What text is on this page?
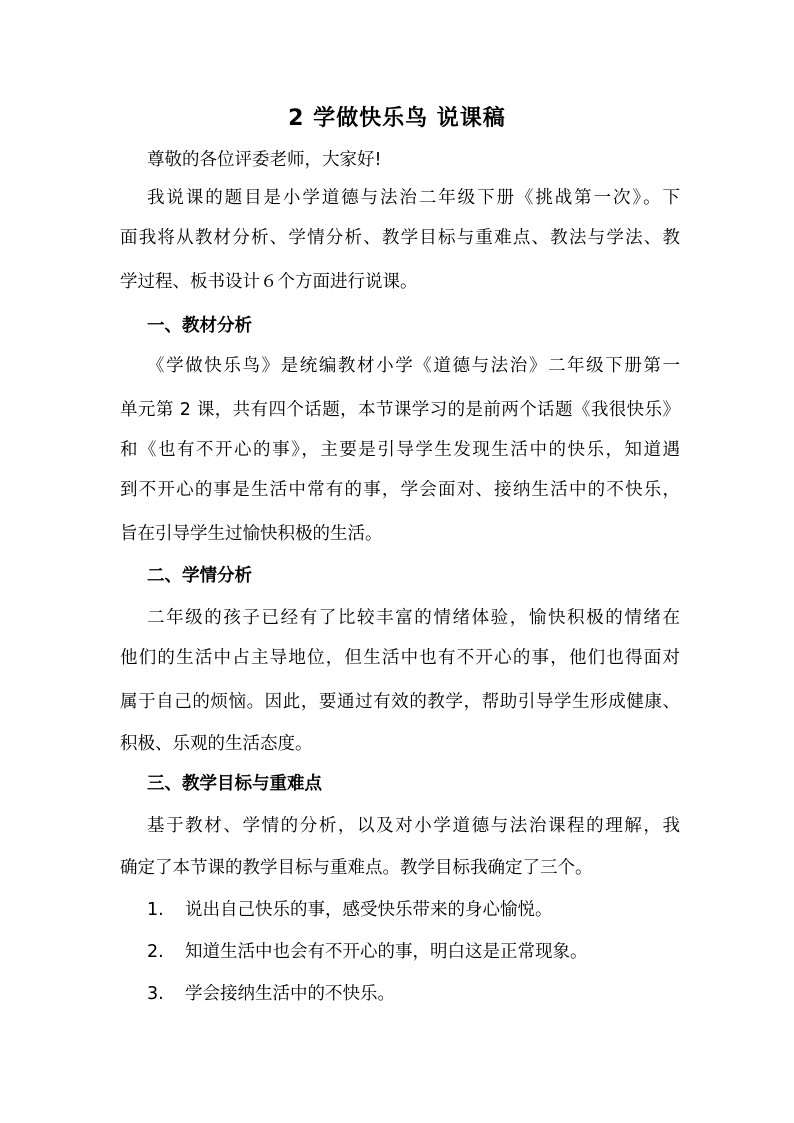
2 学做快乐鸟 说课稿
尊敬的各位评委老师，大家好!
我说课的题目是小学道德与法治二年级下册《挑战第一次》。下
面我将从教材分析、学情分析、教学目标与重难点、教法与学法、教
学过程、板书设计６个方面进行说课。
一、教材分析
《学做快乐鸟》是统编教材小学《道德与法治》二年级下册第一
单元第 2 课，共有四个话题，本节课学习的是前两个话题《我很快乐》
和《也有不开心的事》，主要是引导学生发现生活中的快乐，知道遇
到不开心的事是生活中常有的事，学会面对、接纳生活中的不快乐，
旨在引导学生过愉快积极的生活。
二、学情分析
二年级的孩子已经有了比较丰富的情绪体验，愉快积极的情绪在
他们的生活中占主导地位，但生活中也有不开心的事，他们也得面对
属于自己的烦恼。因此，要通过有效的教学，帮助引导学生形成健康、
积极、乐观的生活态度。
三、教学目标与重难点
基于教材、学情的分析，以及对小学道德与法治课程的理解，我
确定了本节课的教学目标与重难点。教学目标我确定了三个。
1. 说出自己快乐的事，感受快乐带来的身心愉悦。
2. 知道生活中也会有不开心的事，明白这是正常现象。
3. 学会接纳生活中的不快乐。
